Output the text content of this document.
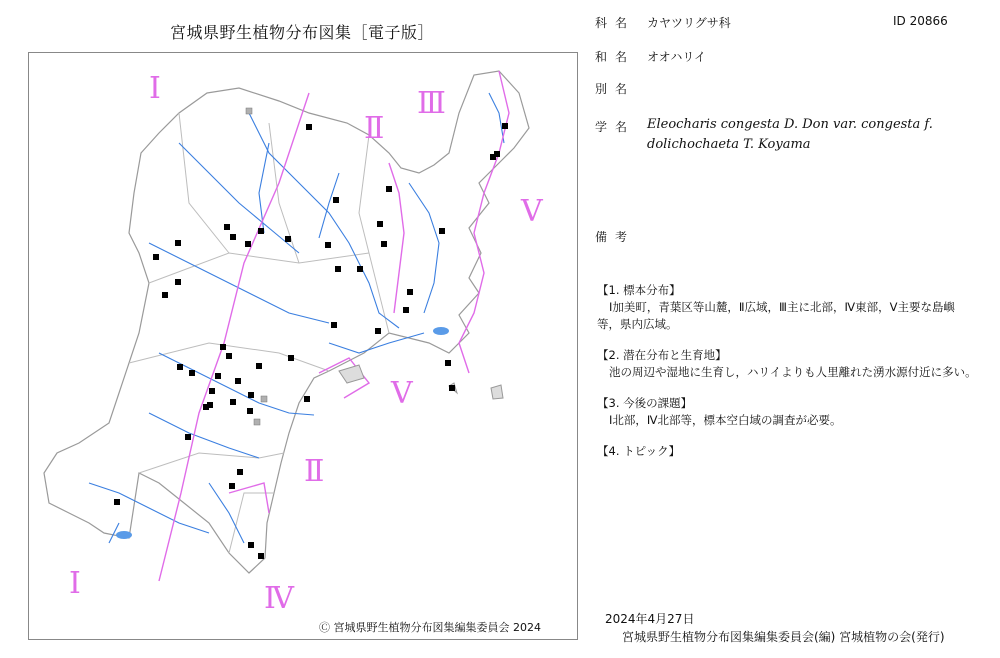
宮城県野生植物分布図集［電子版］
Ⅰ
Ⅱ
Ⅲ
Ⅴ
Ⅴ
Ⅱ
Ⅰ	Ⅳ
Ⓒ 宮城県野生植物分布図集編集委員会 2024
科名 カヤツリグサ科	ID 20866
和名 オオハリイ
別名
学名 Eleocharis congesta D. Don var. congesta f.
dolichochaeta T. Koyama
備考
【1. 標本分布】
Ⅰ加美町，青葉区等山麓，Ⅱ広域，Ⅲ主に北部，Ⅳ東部，Ⅴ主要な島嶼等，県内広域。
【2. 潜在分布と生育地】
池の周辺や湿地に生育し，ハリイよりも人里離れた湧水源付近に多い。
【3. 今後の課題】
Ⅰ北部，Ⅳ北部等，標本空白域の調査が必要。
【4. トピック】
2024年4月27日
宮城県野生植物分布図集編集委員会(編) 宮城植物の会(発行)
